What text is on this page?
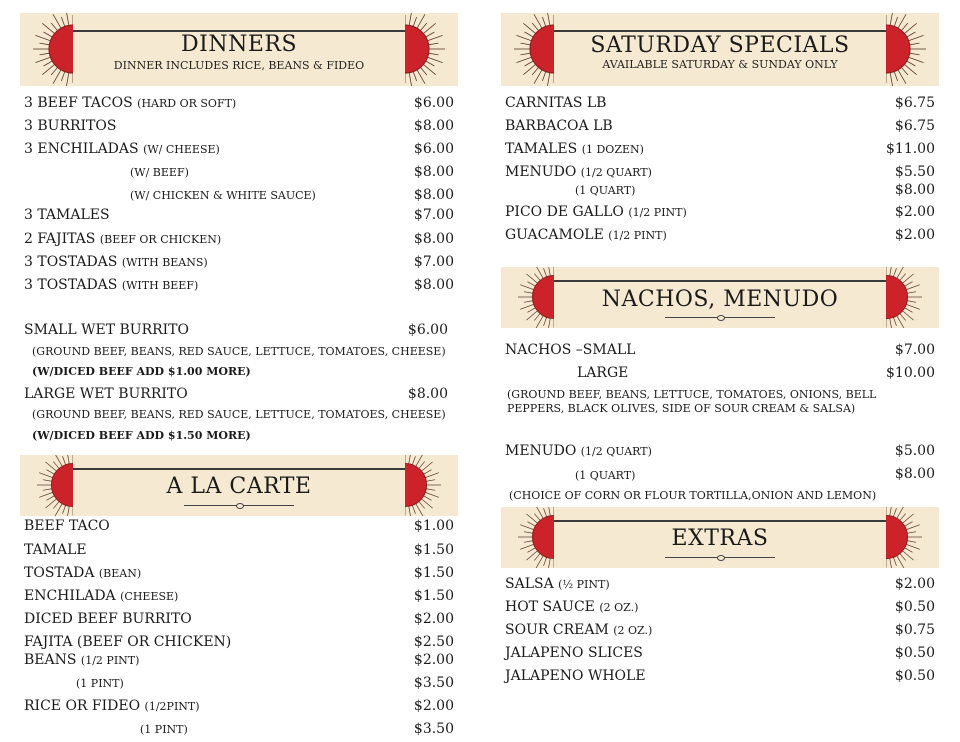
DINNERS
DINNER INCLUDES RICE, BEANS & FIDEO
3 BEEF TACOS (HARD OR SOFT)	$6.00
3 BURRITOS	$8.00
3 ENCHILADAS (W/ CHEESE)	$6.00
(W/ BEEF)	$8.00
(W/ CHICKEN & WHITE SAUCE)	$8.00
3 TAMALES	$7.00
2 FAJITAS (BEEF OR CHICKEN)	$8.00
3 TOSTADAS (WITH BEANS)	$7.00
3 TOSTADAS (WITH BEEF)	$8.00
SMALL WET BURRITO	$6.00
(GROUND BEEF, BEANS, RED SAUCE, LETTUCE, TOMATOES, CHEESE)
(W/DICED BEEF ADD $1.00 MORE)
LARGE WET BURRITO	$8.00
(GROUND BEEF, BEANS, RED SAUCE, LETTUCE, TOMATOES, CHEESE)
(W/DICED BEEF ADD $1.50 MORE)
A LA CARTE
BEEF TACO	$1.00
TAMALE	$1.50
TOSTADA (BEAN)	$1.50
ENCHILADA (CHEESE)	$1.50
DICED BEEF BURRITO	$2.00
FAJITA (BEEF OR CHICKEN)	$2.50
BEANS (1/2 PINT)	$2.00
(1 PINT)	$3.50
RICE OR FIDEO (1/2PINT)	$2.00
(1 PINT)	$3.50
SATURDAY SPECIALS
AVAILABLE SATURDAY & SUNDAY ONLY
CARNITAS LB	$6.75
BARBACOA LB	$6.75
TAMALES (1 DOZEN)	$11.00
MENUDO (1/2 QUART)	$5.50
(1 QUART)	$8.00
PICO DE GALLO (1/2 PINT)	$2.00
GUACAMOLE (1/2 PINT)	$2.00
NACHOS, MENUDO
NACHOS –SMALL	$7.00
LARGE	$10.00
(GROUND BEEF, BEANS, LETTUCE, TOMATOES, ONIONS, BELL PEPPERS, BLACK OLIVES, SIDE OF SOUR CREAM & SALSA)
MENUDO (1/2 QUART)	$5.00
(1 QUART)	$8.00
(CHOICE OF CORN OR FLOUR TORTILLA,ONION AND LEMON)
EXTRAS
SALSA (½ PINT)	$2.00
HOT SAUCE (2 OZ.)	$0.50
SOUR CREAM (2 OZ.)	$0.75
JALAPENO SLICES	$0.50
JALAPENO WHOLE	$0.50
